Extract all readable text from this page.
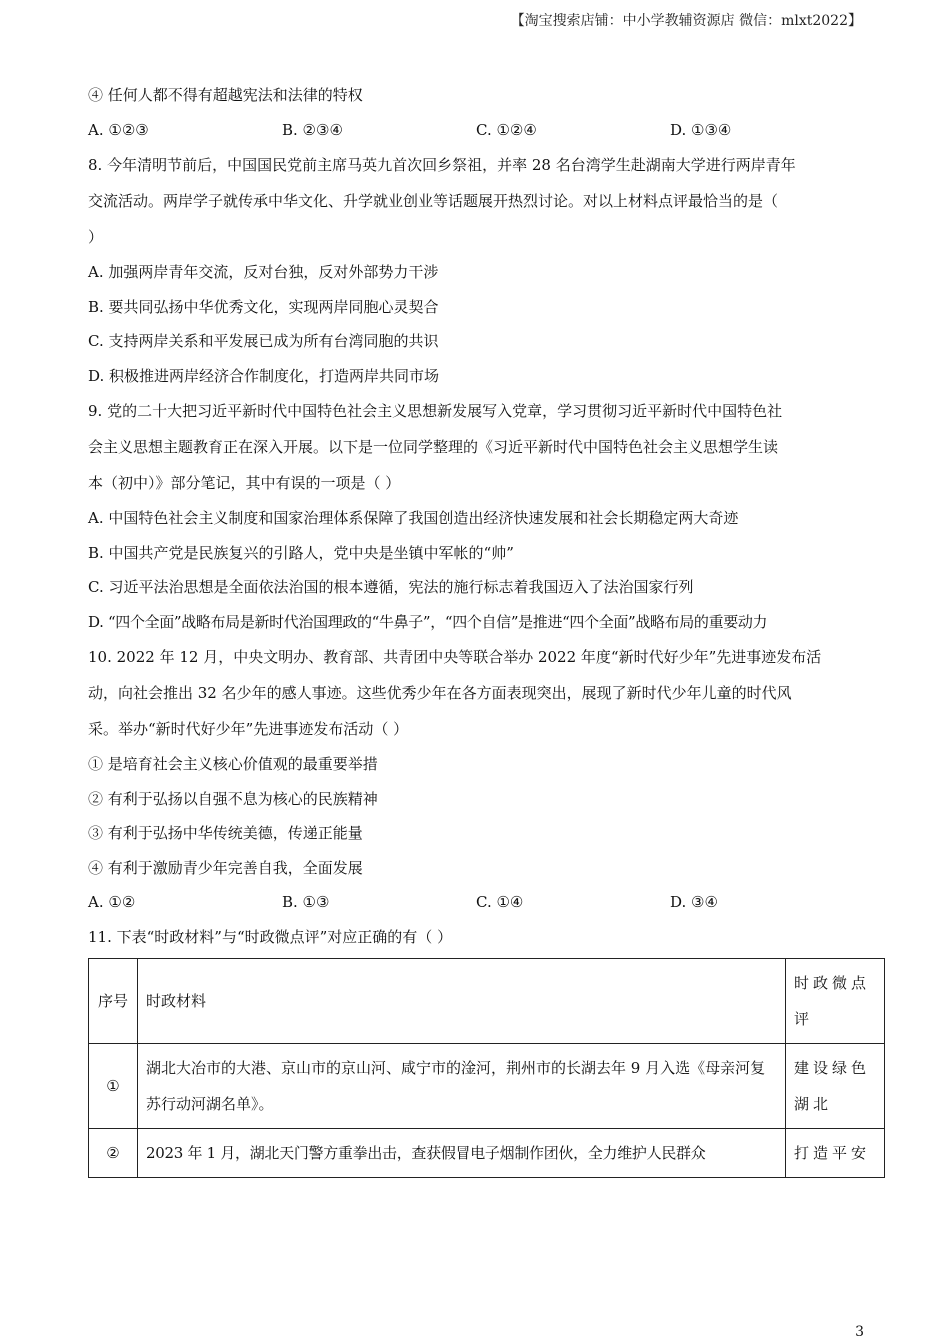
【淘宝搜索店铺：中小学教辅资源店 微信：mlxt2022】
④ 任何人都不得有超越宪法和法律的特权
A. ①②③	B. ②③④	C. ①②④	D. ①③④
8. 今年清明节前后，中国国民党前主席马英九首次回乡祭祖，并率 28 名台湾学生赴湖南大学进行两岸青年
交流活动。两岸学子就传承中华文化、升学就业创业等话题展开热烈讨论。对以上材料点评最恰当的是（
）
A. 加强两岸青年交流，反对台独，反对外部势力干涉
B. 要共同弘扬中华优秀文化，实现两岸同胞心灵契合
C. 支持两岸关系和平发展已成为所有台湾同胞的共识
D. 积极推进两岸经济合作制度化，打造两岸共同市场
9. 党的二十大把习近平新时代中国特色社会主义思想新发展写入党章，学习贯彻习近平新时代中国特色社
会主义思想主题教育正在深入开展。以下是一位同学整理的《习近平新时代中国特色社会主义思想学生读
本（初中）》部分笔记，其中有误的一项是（ ）
A. 中国特色社会主义制度和国家治理体系保障了我国创造出经济快速发展和社会长期稳定两大奇迹
B. 中国共产党是民族复兴的引路人，党中央是坐镇中军帐的“帅”
C. 习近平法治思想是全面依法治国的根本遵循，宪法的施行标志着我国迈入了法治国家行列
D. “四个全面”战略布局是新时代治国理政的“牛鼻子”，“四个自信”是推进“四个全面”战略布局的重要动力
10. 2022 年 12 月，中央文明办、教育部、共青团中央等联合举办 2022 年度“新时代好少年”先进事迹发布活
动，向社会推出 32 名少年的感人事迹。这些优秀少年在各方面表现突出，展现了新时代少年儿童的时代风
采。举办“新时代好少年”先进事迹发布活动（ ）
① 是培育社会主义核心价值观的最重要举措
② 有利于弘扬以自强不息为核心的民族精神
③ 有利于弘扬中华传统美德，传递正能量
④ 有利于激励青少年完善自我，全面发展
A. ①②	B. ①③	C. ①④	D. ③④
11. 下表“时政材料”与“时政微点评”对应正确的有（ ）
序号	时政材料	时政微点评
①	湖北大冶市的大港、京山市的京山河、咸宁市的淦河，荆州市的长湖去年 9 月入选《母亲河复苏行动河湖名单》。	建设绿色湖北
②	2023 年 1 月，湖北天门警方重拳出击，查获假冒电子烟制作团伙，全力维护人民群众	打造平安
3
